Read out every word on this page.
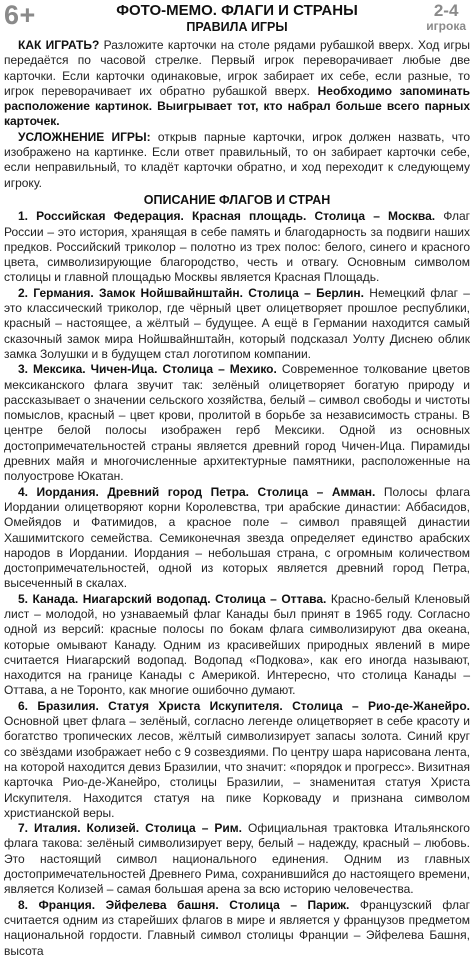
6+	2-4
игрока
ФОТО-МЕМО. ФЛАГИ И СТРАНЫ
ПРАВИЛА ИГРЫ

КАК ИГРАТЬ? Разложите карточки на столе рядами рубашкой вверх. Ход игры передаётся по часовой стрелке. Первый игрок переворачивает любые две карточки. Если карточки одинаковые, игрок забирает их себе, если разные, то игрок переворачивает их обратно рубашкой вверх. Необходимо запоминать расположение картинок. Выигрывает тот, кто набрал больше всего парных карточек.

УСЛОЖНЕНИЕ ИГРЫ: открыв парные карточки, игрок должен назвать, что изображено на картинке. Если ответ правильный, то он забирает карточки себе, если неправильный, то кладёт карточки обратно, и ход переходит к следующему игроку.

ОПИСАНИЕ ФЛАГОВ И СТРАН

1. Российская Федерация. Красная площадь. Столица – Москва. Флаг России – это история, хранящая в себе память и благодарность за подвиги наших предков. Российский триколор – полотно из трех полос: белого, синего и красного цвета, символизирующие благородство, честь и отвагу. Основным символом столицы и главной площадью Москвы является Красная Площадь.

2. Германия. Замок Нойшвайнштайн. Столица – Берлин. Немецкий флаг – это классический триколор, где чёрный цвет олицетворяет прошлое республики, красный – настоящее, а жёлтый – будущее. А ещё в Германии находится самый сказочный замок мира Нойшвайнштайн, который подсказал Уолту Диснею облик замка Золушки и в будущем стал логотипом компании.

3. Мексика. Чичен-Ица. Столица – Мехико. Современное толкование цветов мексиканского флага звучит так: зелёный олицетворяет богатую природу и рассказывает о значении сельского хозяйства, белый – символ свободы и чистоты помыслов, красный – цвет крови, пролитой в борьбе за независимость страны. В центре белой полосы изображен герб Мексики. Одной из основных достопримечательностей страны является древний город Чичен-Ица. Пирамиды древних майя и многочисленные архитектурные памятники, расположенные на полуострове Юкатан.

4. Иордания. Древний город Петра. Столица – Амман. Полосы флага Иордании олицетворяют корни Королевства, три арабские династии: Аббасидов, Омейядов и Фатимидов, а красное поле – символ правящей династии Хашимитского семейства. Семиконечная звезда определяет единство арабских народов в Иордании. Иордания – небольшая страна, с огромным количеством достопримечательностей, одной из которых является древний город Петра, высеченный в скалах.

5. Канада. Ниагарский водопад. Столица – Оттава. Красно-белый Кленовый лист – молодой, но узнаваемый флаг Канады был принят в 1965 году. Согласно одной из версий: красные полосы по бокам флага символизируют два океана, которые омывают Канаду. Одним из красивейших природных явлений в мире считается Ниагарский водопад. Водопад «Подкова», как его иногда называют, находится на границе Канады с Америкой. Интересно, что столица Канады – Оттава, а не Торонто, как многие ошибочно думают.

6. Бразилия. Статуя Христа Искупителя. Столица – Рио-де-Жанейро. Основной цвет флага – зелёный, согласно легенде олицетворяет в себе красоту и богатство тропических лесов, жёлтый символизирует запасы золота. Синий круг со звёздами изображает небо с 9 созвездиями. По центру шара нарисована лента, на которой находится девиз Бразилии, что значит: «порядок и прогресс». Визитная карточка Рио-де-Жанейро, столицы Бразилии, – знаменитая статуя Христа Искупителя. Находится статуя на пике Корковаду и признана символом христианской веры.

7. Италия. Колизей. Столица – Рим. Официальная трактовка Итальянского флага такова: зелёный символизирует веру, белый – надежду, красный – любовь. Это настоящий символ национального единения. Одним из главных достопримечательностей Древнего Рима, сохранившийся до настоящего времени, является Колизей – самая большая арена за всю историю человечества.

8. Франция. Эйфелева башня. Столица – Париж. Французский флаг считается одним из старейших флагов в мире и является у французов предметом национальной гордости. Главный символ столицы Франции – Эйфелева Башня, высота
